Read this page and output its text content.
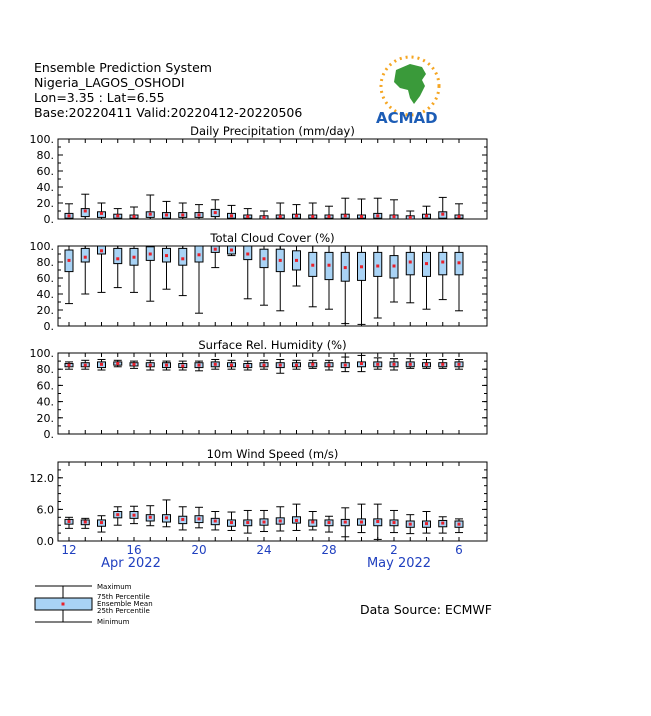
Ensemble Prediction System
Nigeria_LAGOS_OSHODI
Lon=3.35 : Lat=6.55
Base:20220411 Valid:20220412-20220506	ACMAD
0.
20.
40.
60.
80.
100.
Daily Precipitation (mm/day)
0.
20.
40.
60.
80.
100.
Total Cloud Cover (%)
0.
20.
40.
60.
80.
100.
Surface Rel. Humidity (%)
0.0
6.0
12.0
10m Wind Speed (m/s)
12	16	20	24	28	2	6
Apr 2022	May 2022
Maximum
75th Percentile
Ensemble Mean
25th Percentile
Minimum
Data Source: ECMWF
